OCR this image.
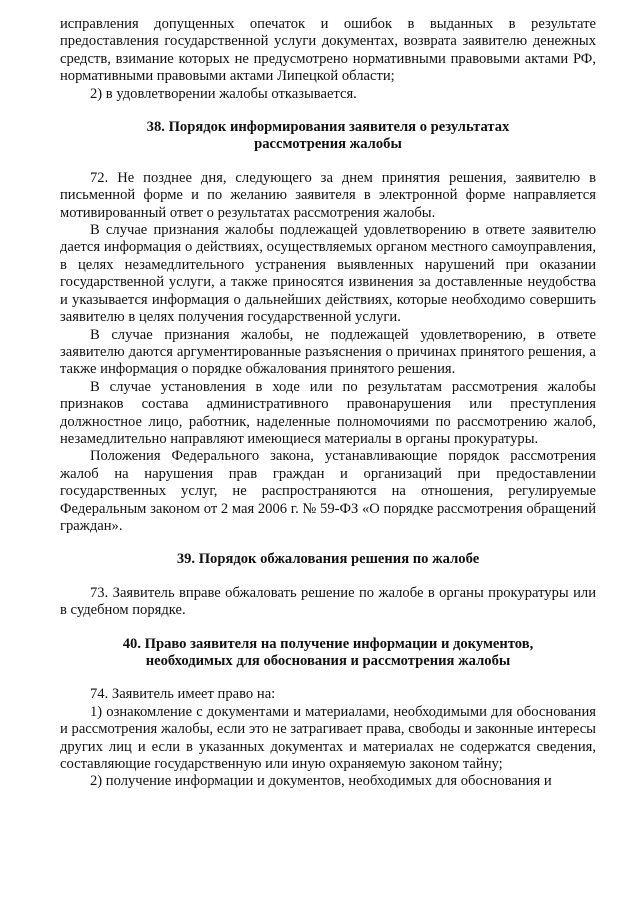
исправления допущенных опечаток и ошибок в выданных в результате предоставления государственной услуги документах, возврата заявителю денежных средств, взимание которых не предусмотрено нормативными правовыми актами РФ, нормативными правовыми актами Липецкой области;

2) в удовлетворении жалобы отказывается.

38. Порядок информирования заявителя о результатах
рассмотрения жалобы

72. Не позднее дня, следующего за днем принятия решения, заявителю в письменной форме и по желанию заявителя в электронной форме направляется мотивированный ответ о результатах рассмотрения жалобы.

В случае признания жалобы подлежащей удовлетворению в ответе заявителю дается информация о действиях, осуществляемых органом местного самоуправления, в целях незамедлительного устранения выявленных нарушений при оказании государственной услуги, а также приносятся извинения за доставленные неудобства и указывается информация о дальнейших действиях, которые необходимо совершить заявителю в целях получения государственной услуги.

В случае признания жалобы, не подлежащей удовлетворению, в ответе заявителю даются аргументированные разъяснения о причинах принятого решения, а также информация о порядке обжалования принятого решения.

В случае установления в ходе или по результатам рассмотрения жалобы признаков состава административного правонарушения или преступления должностное лицо, работник, наделенные полномочиями по рассмотрению жалоб, незамедлительно направляют имеющиеся материалы в органы прокуратуры.

Положения Федерального закона, устанавливающие порядок рассмотрения жалоб на нарушения прав граждан и организаций при предоставлении государственных услуг, не распространяются на отношения, регулируемые Федеральным законом от 2 мая 2006 г. № 59-ФЗ «О порядке рассмотрения обращений граждан».

39. Порядок обжалования решения по жалобе

73. Заявитель вправе обжаловать решение по жалобе в органы прокуратуры или в судебном порядке.

40. Право заявителя на получение информации и документов,
необходимых для обоснования и рассмотрения жалобы

74. Заявитель имеет право на:

1) ознакомление с документами и материалами, необходимыми для обоснования и рассмотрения жалобы, если это не затрагивает права, свободы и законные интересы других лиц и если в указанных документах и материалах не содержатся сведения, составляющие государственную или иную охраняемую законом тайну;

2) получение информации и документов, необходимых для обоснования и
